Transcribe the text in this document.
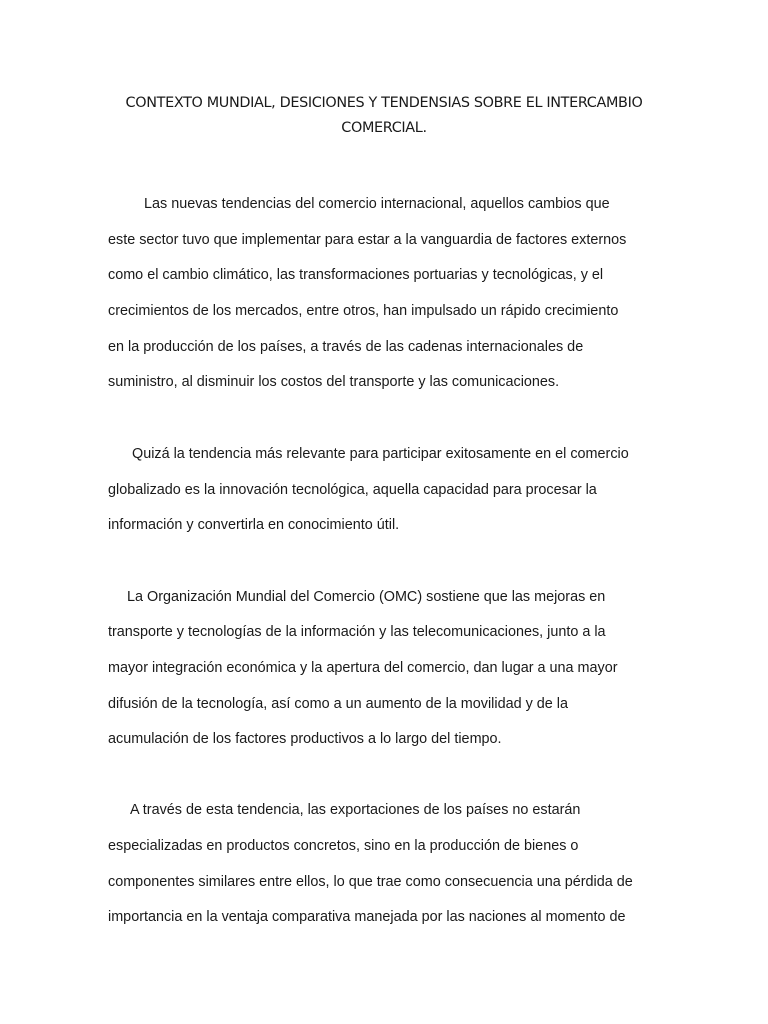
CONTEXTO MUNDIAL, DESICIONES Y TENDENSIAS SOBRE EL INTERCAMBIO COMERCIAL.
Las nuevas tendencias del comercio internacional, aquellos cambios que
este sector tuvo que implementar para estar a la vanguardia de factores externos
como el cambio climático, las transformaciones portuarias y tecnológicas, y el
crecimientos de los mercados, entre otros, han impulsado un rápido crecimiento
en la producción de los países, a través de las cadenas internacionales de
suministro, al disminuir los costos del transporte y las comunicaciones.
Quizá la tendencia más relevante para participar exitosamente en el comercio
globalizado es la innovación tecnológica, aquella capacidad para procesar la
información y convertirla en conocimiento útil.
La Organización Mundial del Comercio (OMC) sostiene que las mejoras en
transporte y tecnologías de la información y las telecomunicaciones, junto a la
mayor integración económica y la apertura del comercio, dan lugar a una mayor
difusión de la tecnología, así como a un aumento de la movilidad y de la
acumulación de los factores productivos a lo largo del tiempo.
A través de esta tendencia, las exportaciones de los países no estarán
especializadas en productos concretos, sino en la producción de bienes o
componentes similares entre ellos, lo que trae como consecuencia una pérdida de
importancia en la ventaja comparativa manejada por las naciones al momento de
